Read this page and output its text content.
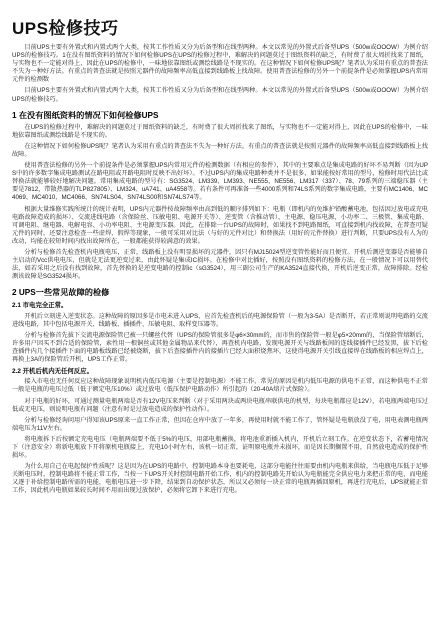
UPS检修技巧

目前UPS主要有外置式和内置式两个大类，按其工作性质又分为后备型和在线型两种。本文以常见的外置式后备型UPS（500w或OOOW）为例介绍UPS的检修技巧。1在没有图纸资料的情况下如何检修UPS在UPS的检修过程中，难解决的问题莫过于图纸资料的缺乏，有时费了很大周折找来了图纸，与实物也不一定能对得上，因此在UPS的检修中，一味地依靠图纸或测绘线路是不现实的。在这种情况下如何检修UPS呢？笔者认为采用有重点的普查法不失为一种好方法。有重点的普查法就是按照元器件的故障频率高低直接到线路板上找故障。使用普查法检修的另外一个前提条件是必须掌握UPS内常用元件的检测数

目前UPS主要有外置式和内置式两个大类，按其工作性质又分为后备型和在线型两种。本文以常见的外置式后备型UPS（500w或OOOW）为例介绍UPS的检修技巧。

1 在没有图纸资料的情况下如何检修UPS

在UPS的检修过程中，难解决的问题莫过于图纸资料的缺乏，有时费了很大周折找来了图纸，与实物也不一定能对得上，因此在UPS的检修中，一味地依靠图纸或测绘线路是不现实的。

在这种情况下如何检修UPS呢？笔者认为采用有重点的普查法不失为一种好方法。有重点的普查法就是按照元器件的故障频率高低直接到线路板上找故障。

使用普查法检修的另外一个前提条件是必须掌握UPS内常用元件的检测数据（有相应的参件），其中的主要难点是集成电路的好坏不易判断（因为UPS中的许多数字集成电路测试在路电阻或开路电阻时反映不出好坏）。不过UPS内的集成电路种类并不是很多，如果能按好常用的型号，检修时用代法比或替换法就能够较好地解决问题。常用集成电路的型号有：SG3524、LM339、LM393、NE555、NE556、LM317（337）、78、79系列的三端稳压器（主要是7812，带散热器的TLP827805）、LM324、uA741、uA4558等。若有条件可再准备一些4000系列和74LS系列的数字集成电路，主要有MC1406、MC4069、MC4010、MC4066、SN74LS04、SN74LS00和SN74LS74等。

根据大量维修实践所统计的统计表明，UPS内元器件按故障频率由高到低的顺序排列如下：电瓶（即机内的免维护铅酸蓄电池，包括因过放电或充电电路故障造成的损坏）、交流进线电路（含保险丝、压敏电阻、电源开关等）、逆变管（含推动管）、主电源、稳压电源、小功率二、三极管、集成电路、可调电阻、继电器、电解电容、小功率电阻、主电源变压器。因此，在排除一台UPS的故障时，如果找不到电路图纸，可直接到机内找故障，在普查可疑元件的同时，还要注意检查一些虚焊、假焊等现象，一般可采用对比法（与好的元件对比）和替换法（用好的元件替换）进行判断，只要UPS没有人为的改动，均能在较短时间内找出故障所在，一般都能获得较满意的效果。

分析与检修首先检查机内电瓶电压，正常，线路板上没有明显损坏的元器件，因只有MJ15024型逆变管性能好而且便宜。开机后测逆变器是否能够自主启动的Vcc供电电压，但就是无法更逆变过来，由此怀疑是集成IC损坏。在检修中对比插好，按照没有图纸资料的检修方法，在一般情况下可以用替代法，如若采用之后没有找到故障，首先替换的是逆变电路的控制ic（sG3524），用三副公司生产的KA3524直接代换，开机后逆变正常，故障排除。经检测该故障是SG3524损坏。

2 UPS一些常见故障的检修

2.1 市电完全正常。

开机后立刻进入逆变状态。这种故障的原因多是市电未进入UPS，应首先检查机后的电源保险管（一般为3-5A）是否断开，若正常则说明电路的交流进线电路，其中包括电源开关、线路板、插插件、压敏电阻、取样变压器等。

分析与检修首先拔下交流电源保险管已被一只螺丝代替（UPS的保险管很多是φ6×30mm的，而市售的保险管一般是φ5×20mm的，当保险管熔断后，许多用户因买不到合适的保险管，索性用一根铜丝或其他金属物品来代替），再查机内电路，发现电源开关与线路板间的连线接插件已经发黑，拔下后检查插件内几个接插件下面的电路板线路已经被烧断，拔下后查接插件内的接插片已经大面积烧焦坏，这使得电源开关引线直接焊在线路板的相应焊点上，再换上3A的保险管后开机，UPS工作正常。

2.2 开机后机内无任何反应。

接入市电也无任何反应这种故障现象说明机内低压电源（主要是控制电源）不能工作，常见的原因是机内低压电源的供电不正常，而这种供电不正常一般是电瓶的电压过低（低于额定电压10%）或过放电（低压保护电路动作）所引起的（20-40A熔片式保险）。

对于电瓶的好坏，可通过测量电瓶两端是否有12V电压来判断（对于采用两块或两块电瓶串联供电的机型，每块电瓶都应是12V），若电瓶两端电压过低或无电压，则说明电瓶有问题（注意有时是过放电造成的保护性动作）。

分析与检修经询问用户得知该UPS原来一直工作正常，但因在仓库中放了一年多，再使用时就不能工作了，管怀疑是电瓶放没了电，用电表测电瓶两端电压为11V左右。

将电瓶拆下后按额定充电电压（电瓶两端要不低于5%的电压，用部电瓶蓄换，将电池重新插入机内，开机后立刻工作。在逆变状态下，若蓄电情况下（注意安全）将新电瓶放下开将原机电瓶接上，充电10小时左右，该机一切正常，证明原电瓶并未损坏，而是因长期搁置不用，自然放电造成的保护性损坏。

为什么用自己在电起保护性质呢？这是因为在UPS的电路中，控制电路本身也要耗电，这部分电能往往需要由机内电瓶来供给，当电瓶电压低于足够关断电压时，控制电路将不能正常工作，当按一下UPS开关时控制电路开始工作，机内的控制电路先开始认为电瓶能完全供应电力来把正常的电，而电能又逐于补给控制电路所需的电能，电瓶电压进一步下降，结果到自动保护状态，所以又必须每一块正常的电瓶再插回原机，再进行充电后，UPS就能正常工作，因此机内电瓶如果较长时间不用而出现过放保护，必须将它卸下来进行充电。
